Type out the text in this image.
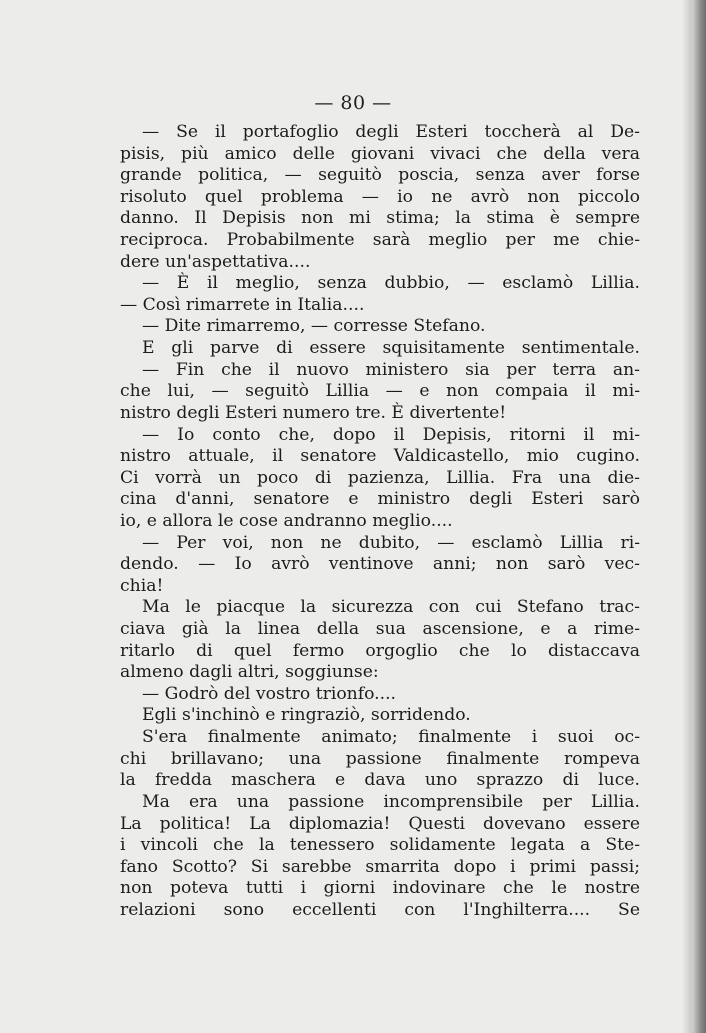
— 80 —
— Se il portafoglio degli Esteri toccherà al De-
pisis, più amico delle giovani vivaci che della vera
grande politica, — seguitò poscia, senza aver forse
risoluto quel problema — io ne avrò non piccolo
danno. Il Depisis non mi stima; la stima è sempre
reciproca. Probabilmente sarà meglio per me chie-
dere un'aspettativa....
— È il meglio, senza dubbio, — esclamò Lillia.
— Così rimarrete in Italia....
— Dite rimarremo, — corresse Stefano.
E gli parve di essere squisitamente sentimentale.
— Fin che il nuovo ministero sia per terra an-
che lui, — seguitò Lillia — e non compaia il mi-
nistro degli Esteri numero tre. È divertente!
— Io conto che, dopo il Depisis, ritorni il mi-
nistro attuale, il senatore Valdicastello, mio cugino.
Ci vorrà un poco di pazienza, Lillia. Fra una die-
cina d'anni, senatore e ministro degli Esteri sarò
io, e allora le cose andranno meglio....
— Per voi, non ne dubito, — esclamò Lillia ri-
dendo. — Io avrò ventinove anni; non sarò vec-
chia!
Ma le piacque la sicurezza con cui Stefano trac-
ciava già la linea della sua ascensione, e a rime-
ritarlo di quel fermo orgoglio che lo distaccava
almeno dagli altri, soggiunse:
— Godrò del vostro trionfo....
Egli s'inchinò e ringraziò, sorridendo.
S'era finalmente animato; finalmente i suoi oc-
chi brillavano; una passione finalmente rompeva
la fredda maschera e dava uno sprazzo di luce.
Ma era una passione incomprensibile per Lillia.
La politica! La diplomazia! Questi dovevano essere
i vincoli che la tenessero solidamente legata a Ste-
fano Scotto? Si sarebbe smarrita dopo i primi passi;
non poteva tutti i giorni indovinare che le nostre
relazioni sono eccellenti con l'Inghilterra.... Se
